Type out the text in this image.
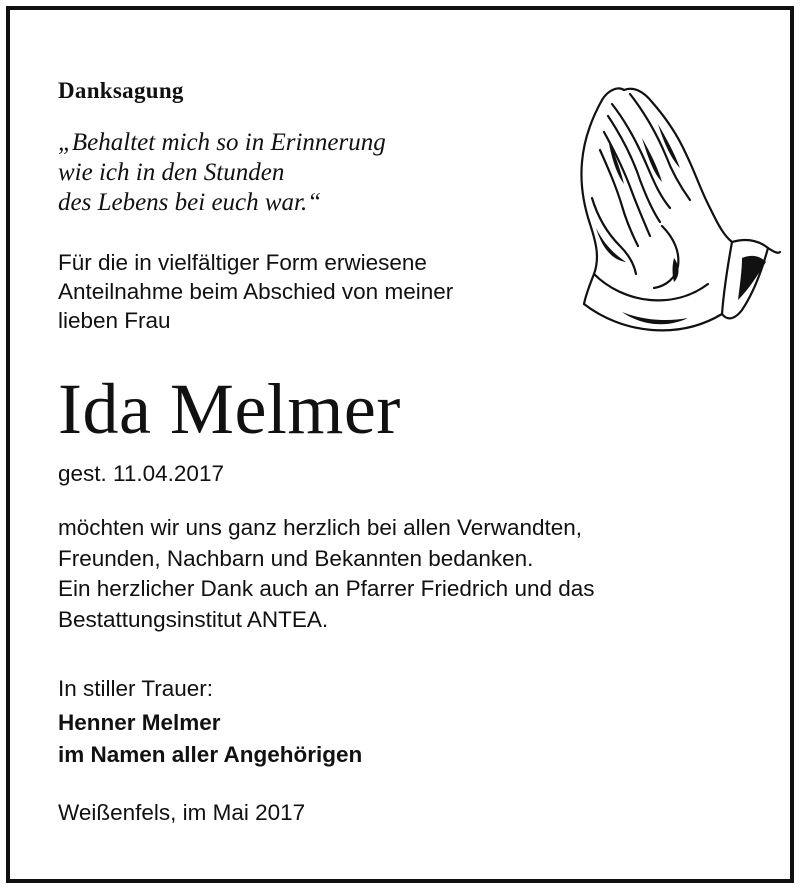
Danksagung
„Behaltet mich so in Erinnerung
wie ich in den Stunden
des Lebens bei euch war.“
Für die in vielfältiger Form erwiesene
Anteilnahme beim Abschied von meiner
lieben Frau
Ida Melmer
gest. 11.04.2017
möchten wir uns ganz herzlich bei allen Verwandten,
Freunden, Nachbarn und Bekannten bedanken.
Ein herzlicher Dank auch an Pfarrer Friedrich und das
Bestattungsinstitut ANTEA.
In stiller Trauer:
Henner Melmer
im Namen aller Angehörigen
Weißenfels, im Mai 2017
